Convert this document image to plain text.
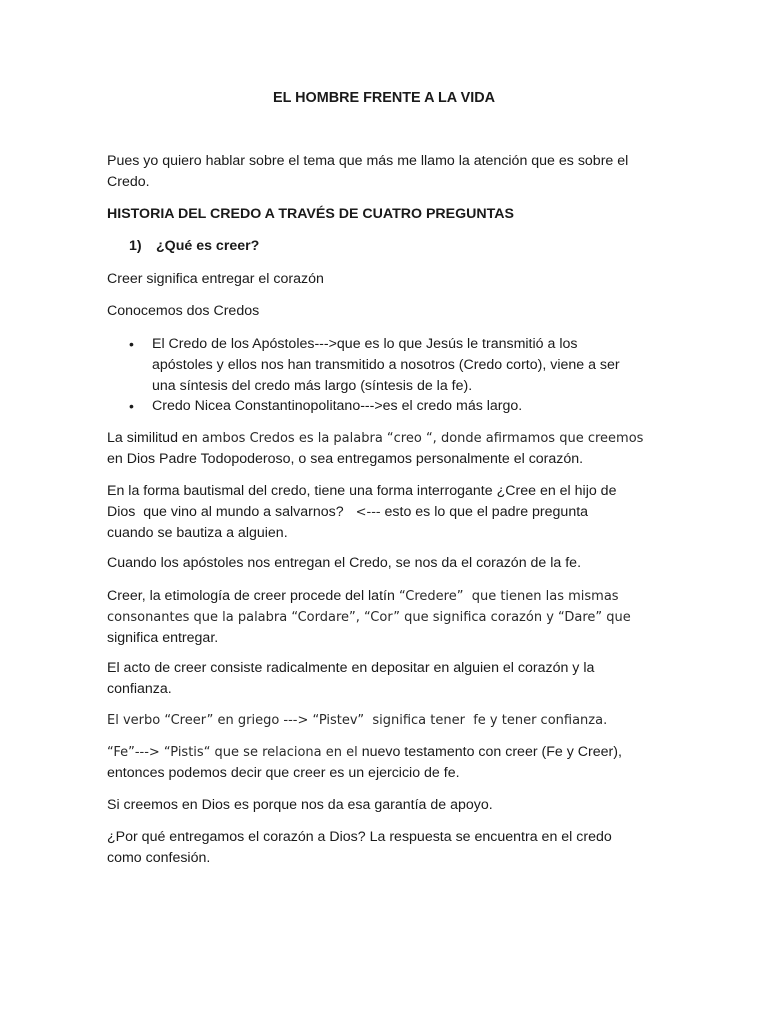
EL HOMBRE FRENTE A LA VIDA
Pues yo quiero hablar sobre el tema que más me llamo la atención que es sobre el
Credo.
HISTORIA DEL CREDO A TRAVÉS DE CUATRO PREGUNTAS
1) ¿Qué es creer?
Creer significa entregar el corazón
Conocemos dos Credos
• El Credo de los Apóstoles--->que es lo que Jesús le transmitió a los
apóstoles y ellos nos han transmitido a nosotros (Credo corto), viene a ser
una síntesis del credo más largo (síntesis de la fe).
• Credo Nicea Constantinopolitano--->es el credo más largo.
La similitud en ambos Credos es la palabra “creo “, donde afirmamos que creemos
en Dios Padre Todopoderoso, o sea entregamos personalmente el corazón.
En la forma bautismal del credo, tiene una forma interrogante ¿Cree en el hijo de
Dios  que vino al mundo a salvarnos?   <--- esto es lo que el padre pregunta
cuando se bautiza a alguien.
Cuando los apóstoles nos entregan el Credo, se nos da el corazón de la fe.
Creer, la etimología de creer procede del latín “Credere”  que tienen las mismas
consonantes que la palabra “Cordare”, “Cor” que significa corazón y “Dare” que
significa entregar.
El acto de creer consiste radicalmente en depositar en alguien el corazón y la
confianza.
El verbo “Creer” en griego ---> “Pistev”  significa tener  fe y tener confianza.
“Fe”---> “Pistis“ que se relaciona en el nuevo testamento con creer (Fe y Creer),
entonces podemos decir que creer es un ejercicio de fe.
Si creemos en Dios es porque nos da esa garantía de apoyo.
¿Por qué entregamos el corazón a Dios? La respuesta se encuentra en el credo
como confesión.
